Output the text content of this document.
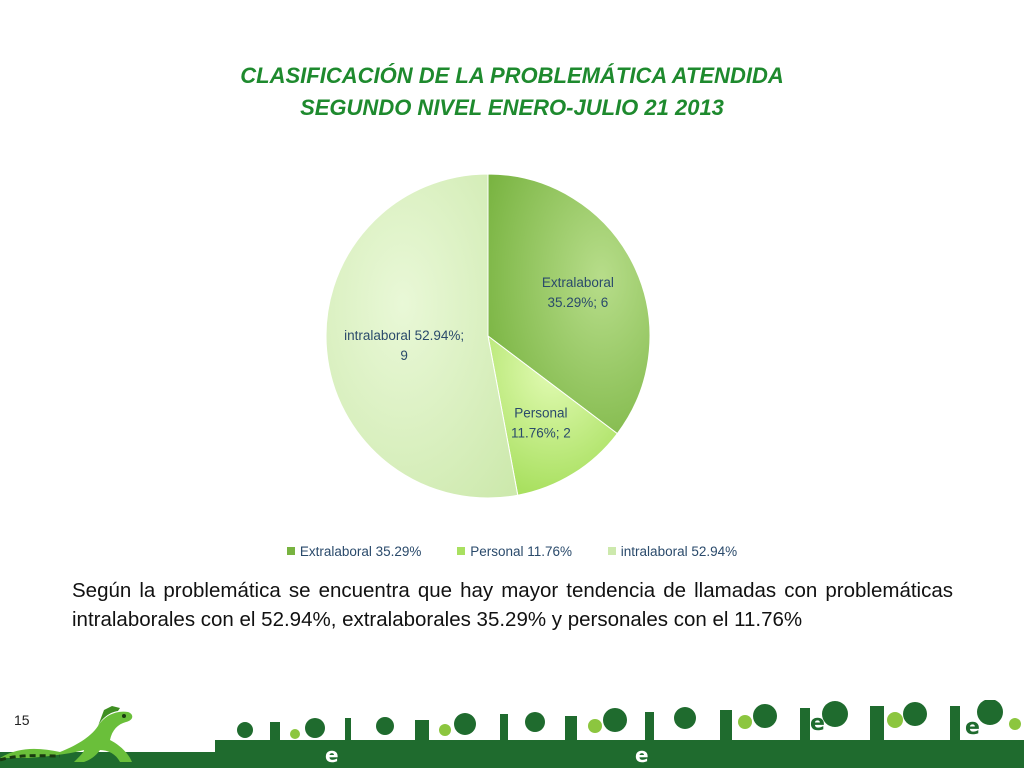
CLASIFICACIÓN DE LA PROBLEMÁTICA ATENDIDA
SEGUNDO NIVEL ENERO-JULIO 21 2013
Extralaboral 35.29%; 6
Personal 11.76%; 2
intralaboral 52.94%; 9
Extralaboral 35.29%	Personal 11.76%	intralaboral 52.94%
Según la problemática se encuentra que hay mayor tendencia de llamadas con problemáticas intralaborales con el 52.94%, extralaborales 35.29% y personales con el 11.76%
15
e	e
e	e
